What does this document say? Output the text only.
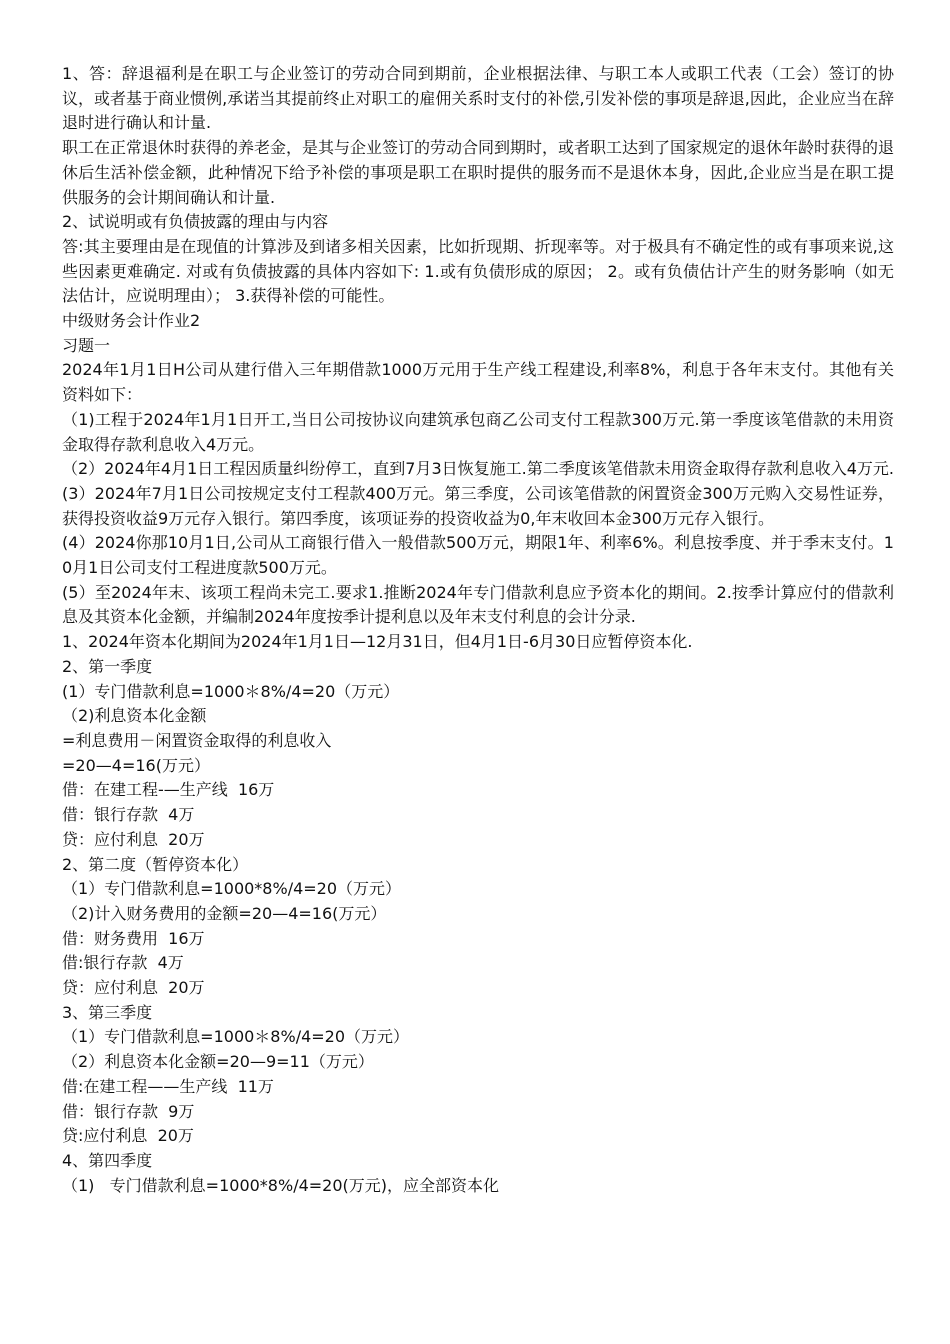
1、答：辞退福利是在职工与企业签订的劳动合同到期前，企业根据法律、与职工本人或职工代表（工会）签订的协议，或者基于商业惯例,承诺当其提前终止对职工的雇佣关系时支付的补偿,引发补偿的事项是辞退,因此，企业应当在辞退时进行确认和计量.

职工在正常退休时获得的养老金，是其与企业签订的劳动合同到期时，或者职工达到了国家规定的退休年龄时获得的退休后生活补偿金额，此种情况下给予补偿的事项是职工在职时提供的服务而不是退休本身，因此,企业应当是在职工提供服务的会计期间确认和计量.

2、试说明或有负债披露的理由与内容

答:其主要理由是在现值的计算涉及到诸多相关因素，比如折现期、折现率等。对于极具有不确定性的或有事项来说,这些因素更难确定. 对或有负债披露的具体内容如下: 1.或有负债形成的原因； 2。或有负债估计产生的财务影响（如无法估计，应说明理由）； 3.获得补偿的可能性。

中级财务会计作业2

习题一

2024年1月1日H公司从建行借入三年期借款1000万元用于生产线工程建设,利率8%，利息于各年末支付。其他有关资料如下：

（1)工程于2024年1月1日开工,当日公司按协议向建筑承包商乙公司支付工程款300万元.第一季度该笔借款的未用资金取得存款利息收入4万元。

（2）2024年4月1日工程因质量纠纷停工，直到7月3日恢复施工.第二季度该笔借款未用资金取得存款利息收入4万元.

(3）2024年7月1日公司按规定支付工程款400万元。第三季度，公司该笔借款的闲置资金300万元购入交易性证券，获得投资收益9万元存入银行。第四季度，该项证券的投资收益为0,年末收回本金300万元存入银行。

(4）2024你那10月1日,公司从工商银行借入一般借款500万元，期限1年、利率6%。利息按季度、并于季末支付。10月1日公司支付工程进度款500万元。

(5）至2024年末、该项工程尚未完工.要求1.推断2024年专门借款利息应予资本化的期间。2.按季计算应付的借款利息及其资本化金额，并编制2024年度按季计提利息以及年末支付利息的会计分录.

1、2024年资本化期间为2024年1月1日—12月31日，但4月1日-6月30日应暂停资本化.

2、第一季度

(1）专门借款利息=1000＊8%/4=20（万元）

（2)利息资本化金额

=利息费用－闲置资金取得的利息收入

=20—4=16(万元）

借：在建工程-—生产线  16万

借：银行存款  4万

贷：应付利息  20万

2、第二度（暂停资本化）

（1）专门借款利息=1000*8%/4=20（万元）

（2)计入财务费用的金额=20—4=16(万元）

借：财务费用  16万

借:银行存款  4万

贷：应付利息  20万

3、第三季度

（1）专门借款利息=1000＊8%/4=20（万元）

（2）利息资本化金额=20—9=11（万元）

借:在建工程——生产线  11万

借：银行存款  9万

贷:应付利息  20万

4、第四季度

（1)   专门借款利息=1000*8%/4=20(万元)，应全部资本化
